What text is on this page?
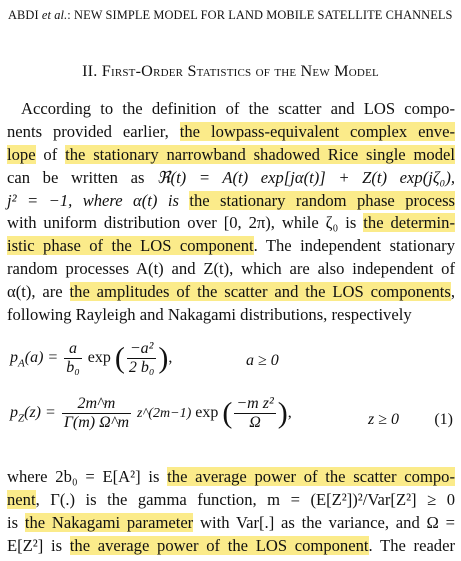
ABDI et al.: NEW SIMPLE MODEL FOR LAND MOBILE SATELLITE CHANNELS
II. First-Order Statistics of the New Model
According to the definition of the scatter and LOS compo-
nents provided earlier, the lowpass-equivalent complex enve-
lope of the stationary narrowband shadowed Rice single model
can be written as ℜ(t) = A(t) exp[jα(t)] + Z(t) exp(jζ₀),
j² = −1, where α(t) is the stationary random phase process
with uniform distribution over [0, 2π), while ζ₀ is the determin-
istic phase of the LOS component. The independent stationary
random processes A(t) and Z(t), which are also independent of
α(t), are the amplitudes of the scatter and the LOS components,
following Rayleigh and Nakagami distributions, respectively
$p_A(a) = \frac{a}{\text{b₀}}$ exp ( $\frac{\text{−a²}}{\text{2 b₀}}$ ),	a ≥ 0
$p_Z(z) = \frac{2m\^{}m}{\Gamma(m) \Omega\^{}m}$ z^(2m−1) exp ( $\frac{\text{−m z²}}{\Omega}$ ),	z ≥ 0 (1)
where 2b₀ = E[A²] is the average power of the scatter compo-
nent, Γ(.) is the gamma function, m = (E[Z²])²/Var[Z²] ≥ 0
is the Nakagami parameter with Var[.] as the variance, and Ω =
E[Z²] is the average power of the LOS component. The reader
